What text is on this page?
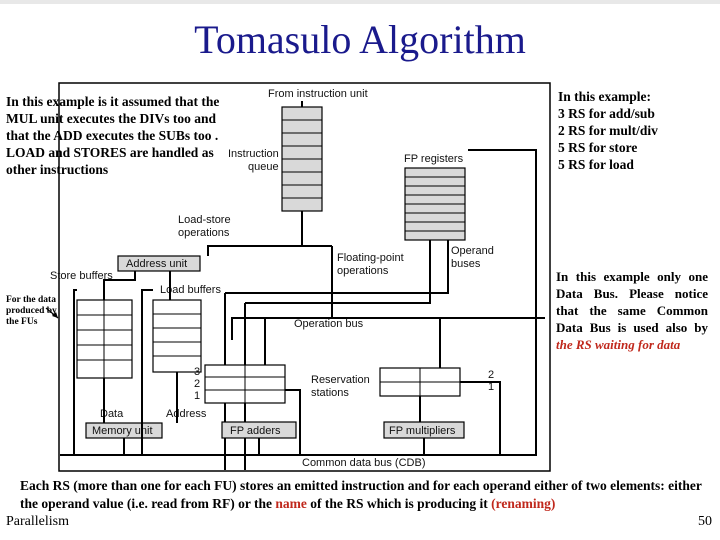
Tomasulo Algorithm
From instruction unit
Instruction
queue
FP registers
Load-store
operations
Floating-point
operations
Operand
buses
Address unit
Store buffers
Load buffers
Operation bus
3
2
1
Reservation
stations
2
1
Memory unit
Data	Address
FP adders	FP multipliers
Common data bus (CDB)
In this example is it assumed that the MUL unit executes the DIVs too and that the ADD executes the SUBs too . LOAD and STORES are handled as other instructions
In this example:
3 RS for add/sub
2 RS for mult/div
5 RS for store
5 RS for load
In this example only one Data Bus. Please notice that the same Common Data Bus is used also by the RS waiting for data
For the data produced by the FUs
Each RS (more than one for each FU) stores an emitted instruction and for each operand either of two elements: either the operand value (i.e. read from RF) or the name of the RS which is producing it (renaming)
Parallelism	50
